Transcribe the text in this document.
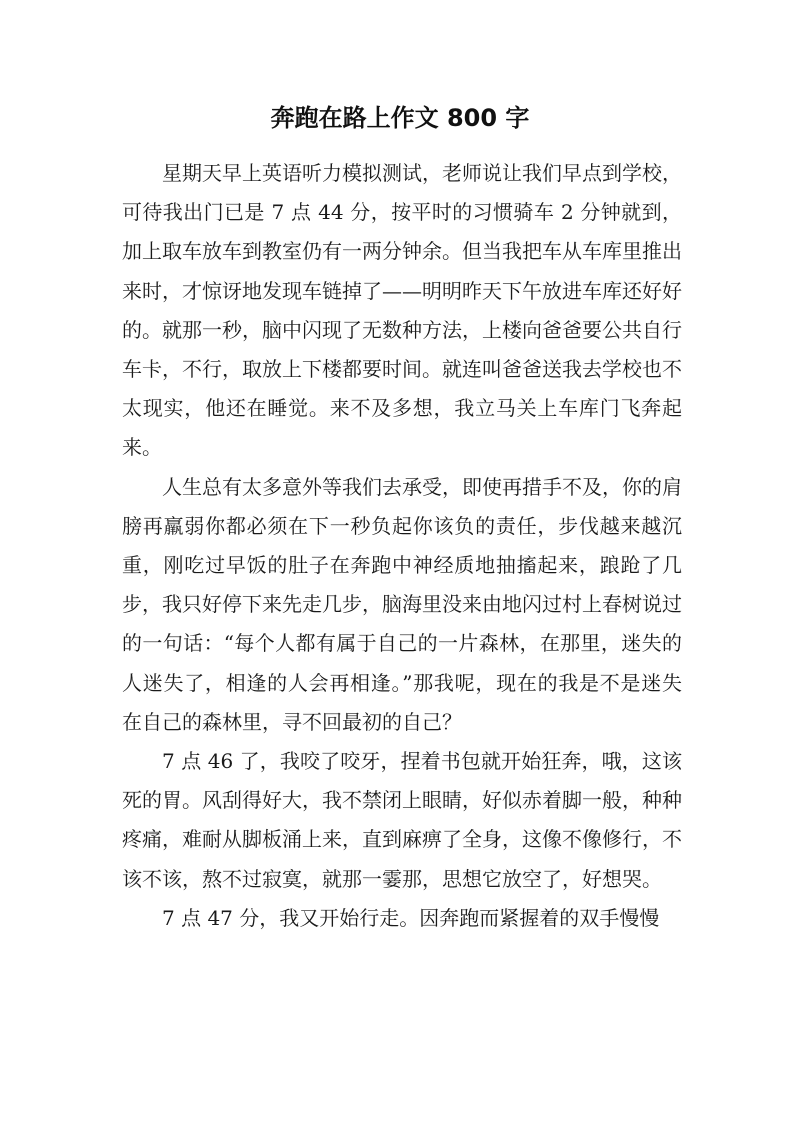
奔跑在路上作文 800 字

星期天早上英语听力模拟测试，老师说让我们早点到学校，可待我出门已是 7 点 44 分，按平时的习惯骑车 2 分钟就到，加上取车放车到教室仍有一两分钟余。但当我把车从车库里推出来时，才惊讶地发现车链掉了——明明昨天下午放进车库还好好的。就那一秒，脑中闪现了无数种方法，上楼向爸爸要公共自行车卡，不行，取放上下楼都要时间。就连叫爸爸送我去学校也不太现实，他还在睡觉。来不及多想，我立马关上车库门飞奔起来。

人生总有太多意外等我们去承受，即使再措手不及，你的肩膀再羸弱你都必须在下一秒负起你该负的责任，步伐越来越沉重，刚吃过早饭的肚子在奔跑中神经质地抽搐起来，踉跄了几步，我只好停下来先走几步，脑海里没来由地闪过村上春树说过的一句话：“每个人都有属于自己的一片森林，在那里，迷失的人迷失了，相逢的人会再相逢。”那我呢，现在的我是不是迷失在自己的森林里，寻不回最初的自己？

7 点 46 了，我咬了咬牙，捏着书包就开始狂奔，哦，这该死的胃。风刮得好大，我不禁闭上眼睛，好似赤着脚一般，种种疼痛，难耐从脚板涌上来，直到麻痹了全身，这像不像修行，不该不该，熬不过寂寞，就那一霎那，思想它放空了，好想哭。

7 点 47 分，我又开始行走。因奔跑而紧握着的双手慢慢
